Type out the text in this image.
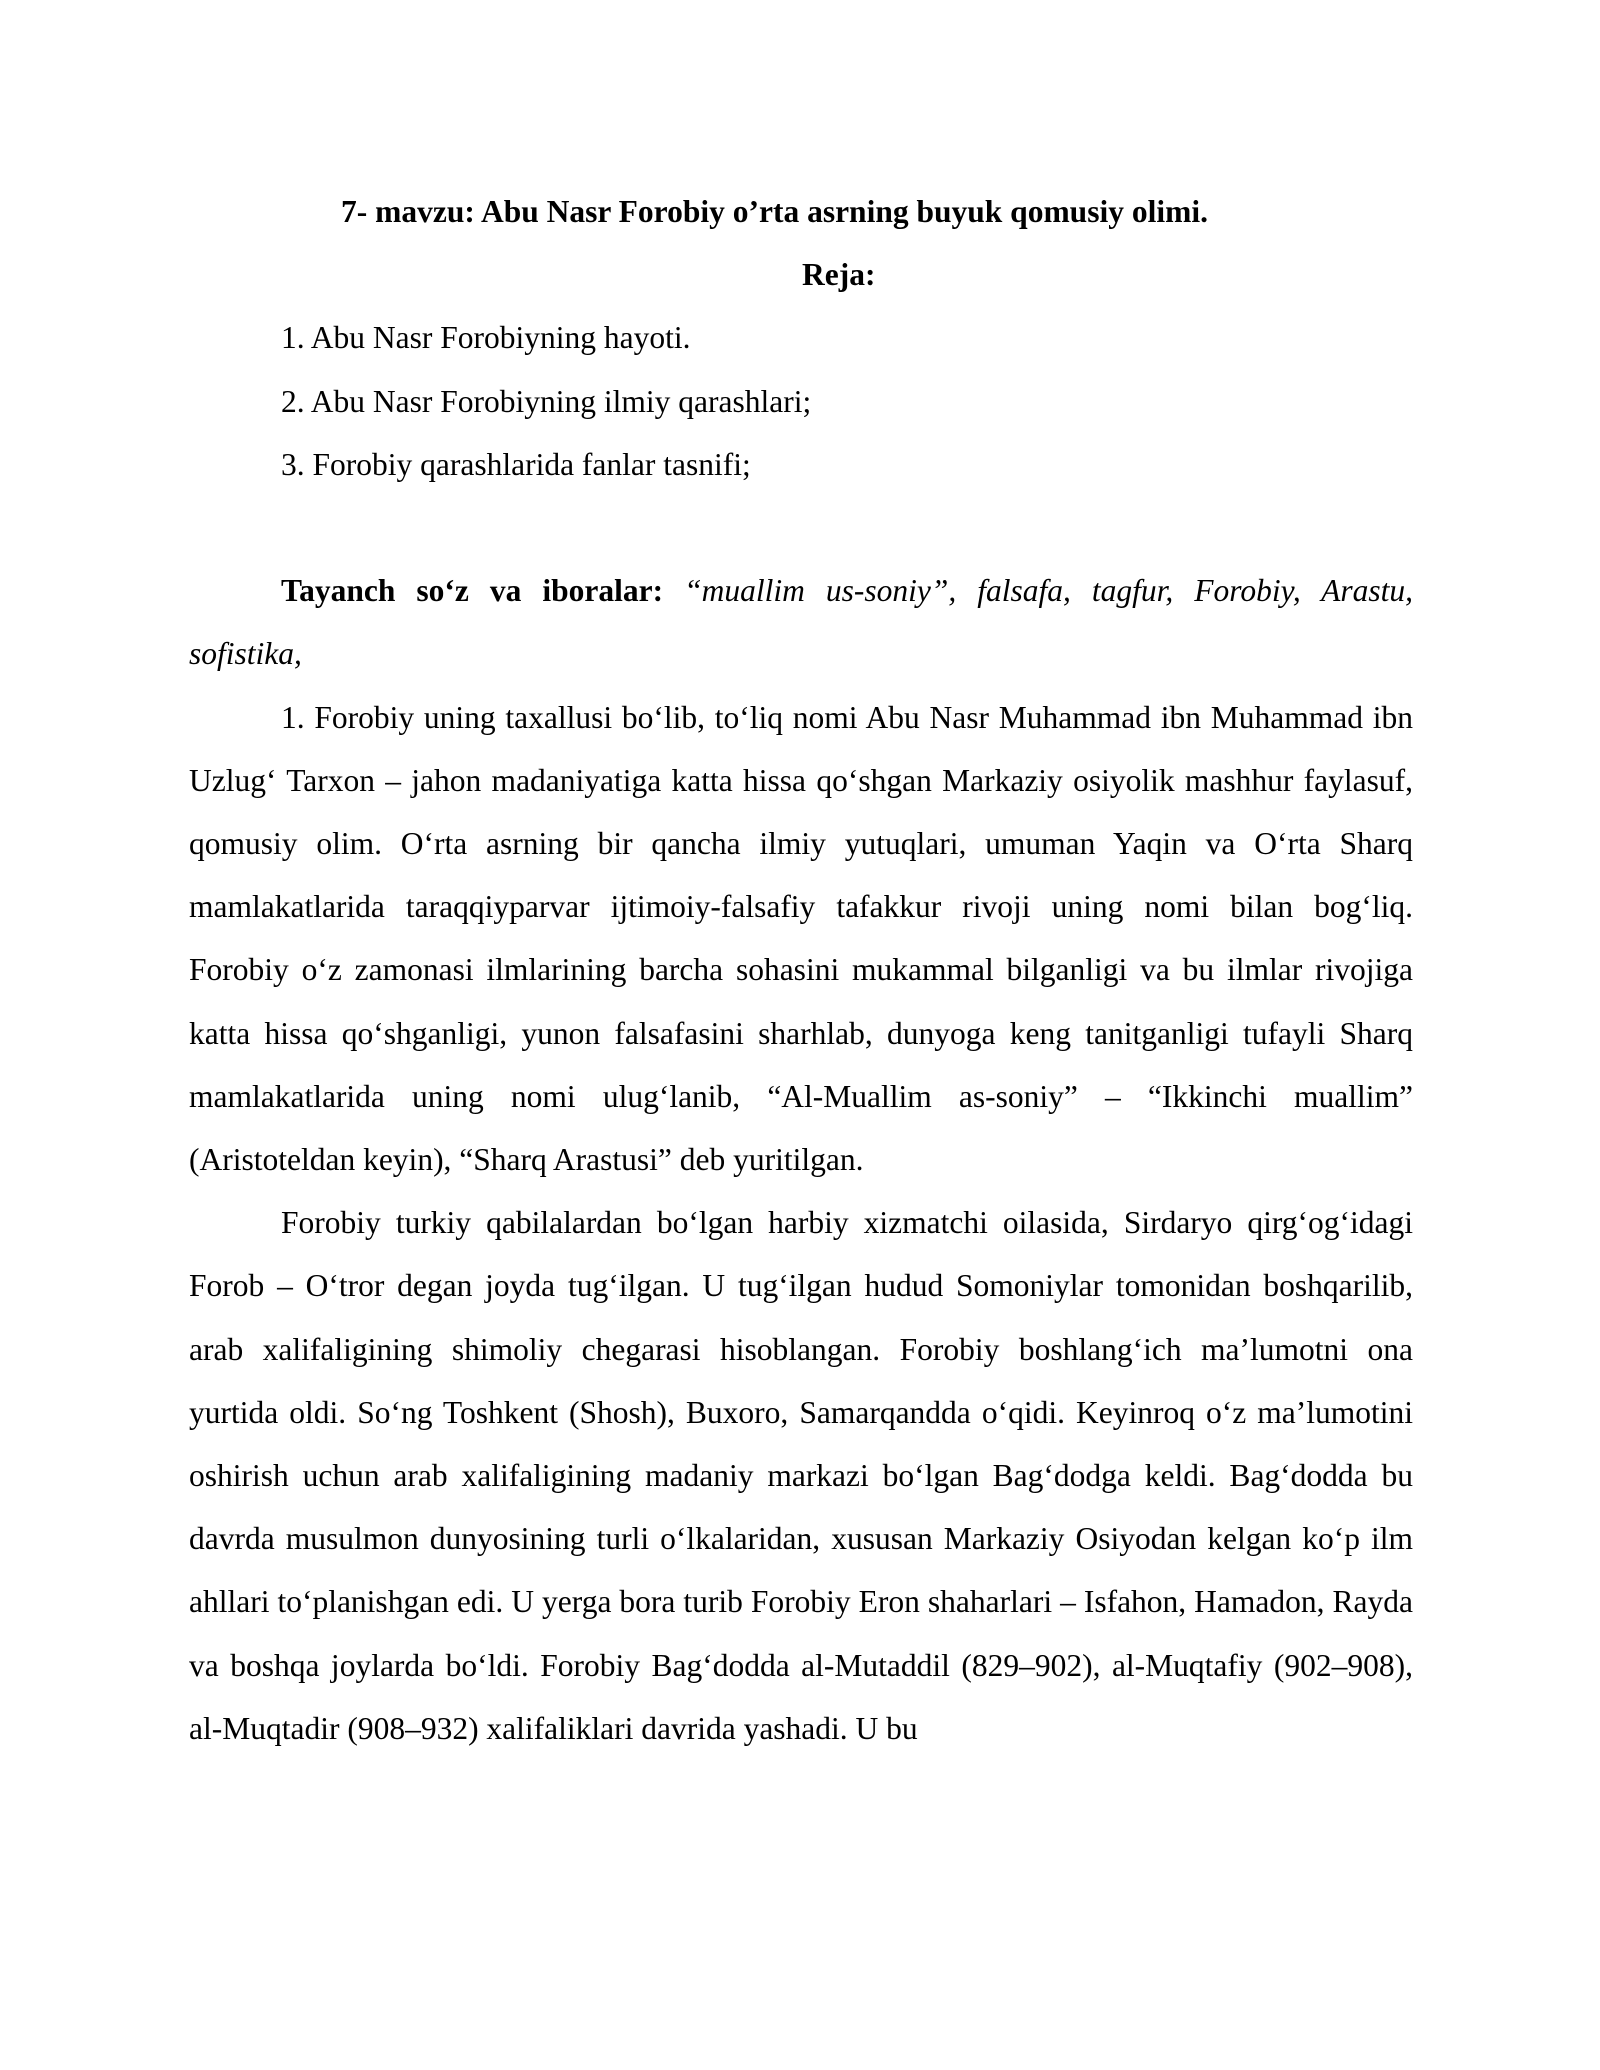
7- mavzu: Abu Nasr Forobiy o’rta asrning buyuk qomusiy olimi.
Reja:
1. Abu Nasr Forobiyning hayoti.
2. Abu Nasr Forobiyning ilmiy qarashlari;
3. Forobiy qarashlarida fanlar tasnifi;

Tayanch so‘z va iboralar: “muallim us-soniy”, falsafa, tagfur, Forobiy, Arastu, sofistika,

1. Forobiy uning taxallusi bo‘lib, to‘liq nomi Abu Nasr Muhammad ibn Muhammad ibn Uzlug‘ Tarxon – jahon madaniyatiga katta hissa qo‘shgan Markaziy osiyolik mashhur faylasuf, qomusiy olim. O‘rta asrning bir qancha ilmiy yutuqlari, umuman Yaqin va O‘rta Sharq mamlakatlarida taraqqiyparvar ijtimoiy-falsafiy tafakkur rivoji uning nomi bilan bog‘liq. Forobiy o‘z zamonasi ilmlarining barcha sohasini mukammal bilganligi va bu ilmlar rivojiga katta hissa qo‘shganligi, yunon falsafasini sharhlab, dunyoga keng tanitganligi tufayli Sharq mamlakatlarida uning nomi ulug‘lanib, “Al-Muallim as-soniy” – “Ikkinchi muallim” (Aristoteldan keyin), “Sharq Arastusi” deb yuritilgan.

Forobiy turkiy qabilalardan bo‘lgan harbiy xizmatchi oilasida, Sirdaryo qirg‘og‘idagi Forob – O‘tror degan joyda tug‘ilgan. U tug‘ilgan hudud Somoniylar tomonidan boshqarilib, arab xalifaligining shimoliy chegarasi hisoblangan. Forobiy boshlang‘ich ma’lumotni ona yurtida oldi. So‘ng Toshkent (Shosh), Buxoro, Samarqandda o‘qidi. Keyinroq o‘z ma’lumotini oshirish uchun arab xalifaligining madaniy markazi bo‘lgan Bag‘dodga keldi. Bag‘dodda bu davrda musulmon dunyosining turli o‘lkalaridan, xususan Markaziy Osiyodan kelgan ko‘p ilm ahllari to‘planishgan edi. U yerga bora turib Forobiy Eron shaharlari – Isfahon, Hamadon, Rayda va boshqa joylarda bo‘ldi. Forobiy Bag‘dodda al-Mutaddil (829–902), al-Muqtafiy (902–908), al-Muqtadir (908–932) xalifaliklari davrida yashadi. U bu
